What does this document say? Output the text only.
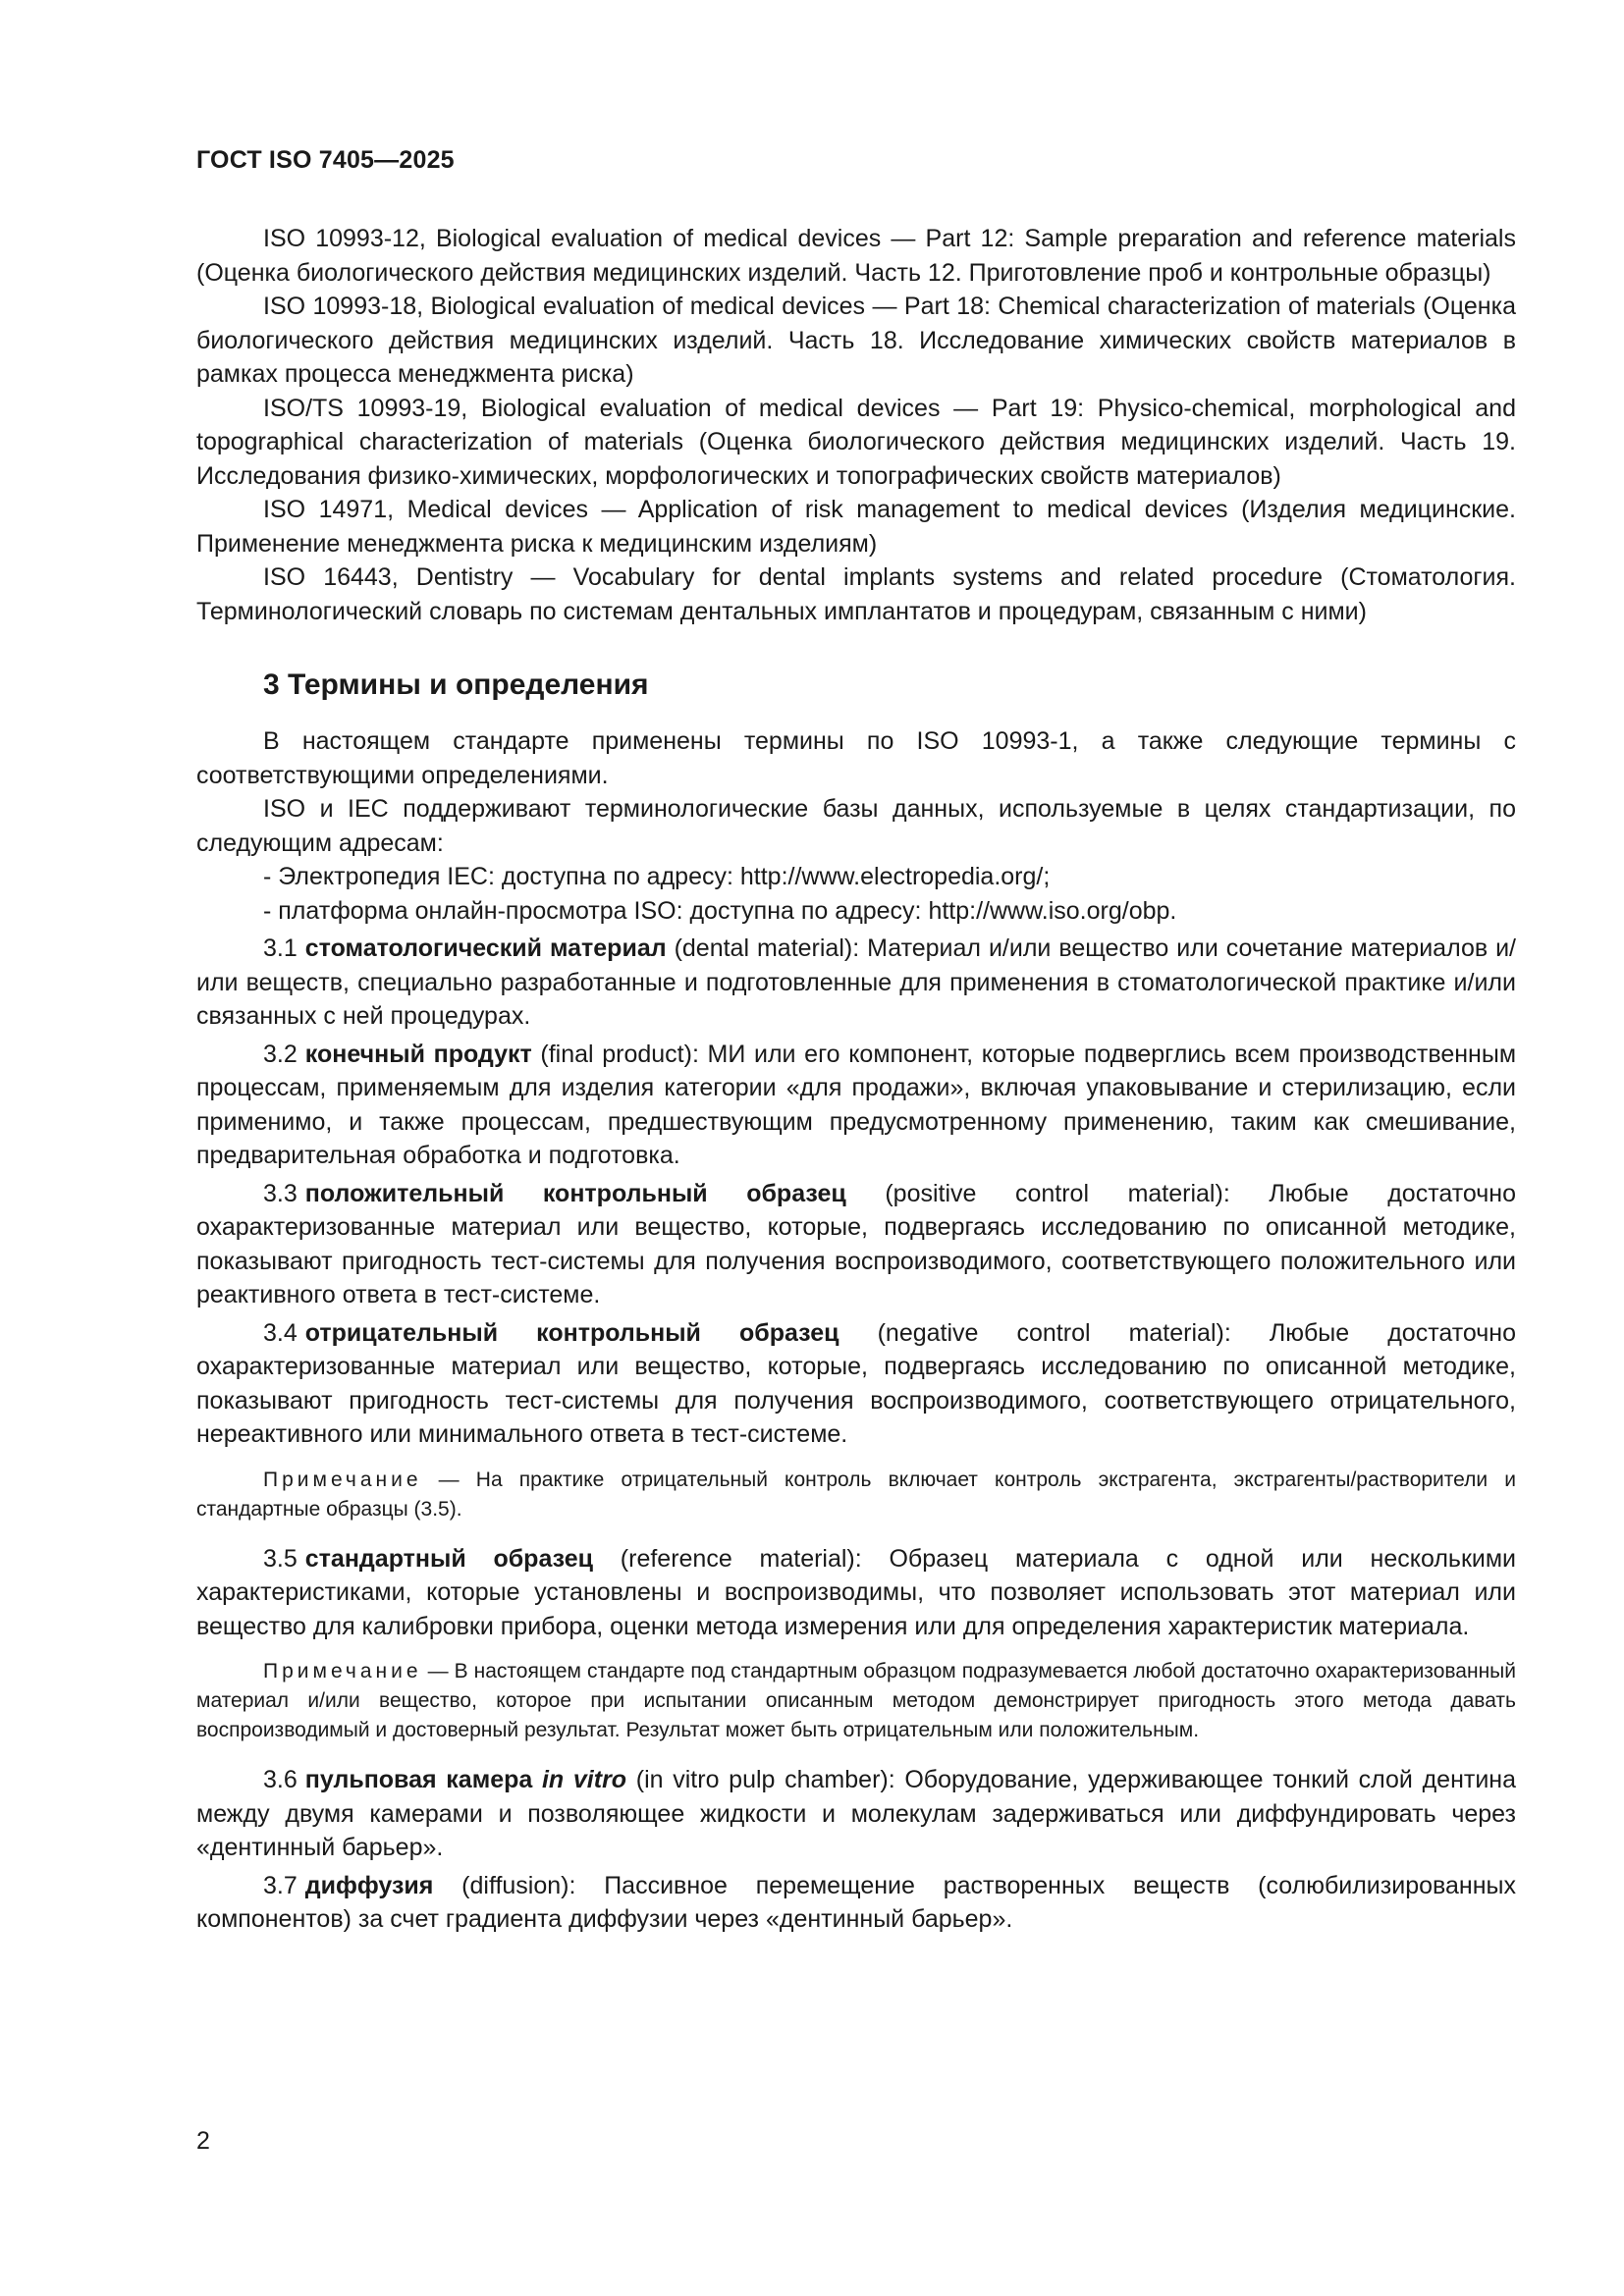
ГОСТ ISO 7405—2025

ISO 10993-12, Biological evaluation of medical devices — Part 12: Sample preparation and reference materials (Оценка биологического действия медицинских изделий. Часть 12. Приготовление проб и контрольные образцы)

ISO 10993-18, Biological evaluation of medical devices — Part 18: Chemical characterization of materials (Оценка биологического действия медицинских изделий. Часть 18. Исследование химических свойств материалов в рамках процесса менеджмента риска)

ISO/TS 10993-19, Biological evaluation of medical devices — Part 19: Physico-chemical, morphological and topographical characterization of materials (Оценка биологического действия медицинских изделий. Часть 19. Исследования физико-химических, морфологических и топографических свойств материалов)

ISO 14971, Medical devices — Application of risk management to medical devices (Изделия медицинские. Применение менеджмента риска к медицинским изделиям)

ISO 16443, Dentistry — Vocabulary for dental implants systems and related procedure (Стоматология. Терминологический словарь по системам дентальных имплантатов и процедурам, связанным с ними)

3 Термины и определения

В настоящем стандарте применены термины по ISO 10993-1, а также следующие термины с соответствующими определениями.

ISO и IEC поддерживают терминологические базы данных, используемые в целях стандартизации, по следующим адресам:

- Электропедия IEC: доступна по адресу: http://www.electropedia.org/;

- платформа онлайн-просмотра ISO: доступна по адресу: http://www.iso.org/obp.

3.1 стоматологический материал (dental material): Материал и/или вещество или сочетание материалов и/или веществ, специально разработанные и подготовленные для применения в стоматологической практике и/или связанных с ней процедурах.

3.2 конечный продукт (final product): МИ или его компонент, которые подверглись всем производственным процессам, применяемым для изделия категории «для продажи», включая упаковывание и стерилизацию, если применимо, и также процессам, предшествующим предусмотренному применению, таким как смешивание, предварительная обработка и подготовка.

3.3 положительный контрольный образец (positive control material): Любые достаточно охарактеризованные материал или вещество, которые, подвергаясь исследованию по описанной методике, показывают пригодность тест-системы для получения воспроизводимого, соответствующего положительного или реактивного ответа в тест-системе.

3.4 отрицательный контрольный образец (negative control material): Любые достаточно охарактеризованные материал или вещество, которые, подвергаясь исследованию по описанной методике, показывают пригодность тест-системы для получения воспроизводимого, соответствующего отрицательного, нереактивного или минимального ответа в тест-системе.

Примечание — На практике отрицательный контроль включает контроль экстрагента, экстрагенты/растворители и стандартные образцы (3.5).

3.5 стандартный образец (reference material): Образец материала с одной или несколькими характеристиками, которые установлены и воспроизводимы, что позволяет использовать этот материал или вещество для калибровки прибора, оценки метода измерения или для определения характеристик материала.

Примечание — В настоящем стандарте под стандартным образцом подразумевается любой достаточно охарактеризованный материал и/или вещество, которое при испытании описанным методом демонстрирует пригодность этого метода давать воспроизводимый и достоверный результат. Результат может быть отрицательным или положительным.

3.6 пульповая камера in vitro (in vitro pulp chamber): Оборудование, удерживающее тонкий слой дентина между двумя камерами и позволяющее жидкости и молекулам задерживаться или диффундировать через «дентинный барьер».

3.7 диффузия (diffusion): Пассивное перемещение растворенных веществ (солюбилизированных компонентов) за счет градиента диффузии через «дентинный барьер».

2
